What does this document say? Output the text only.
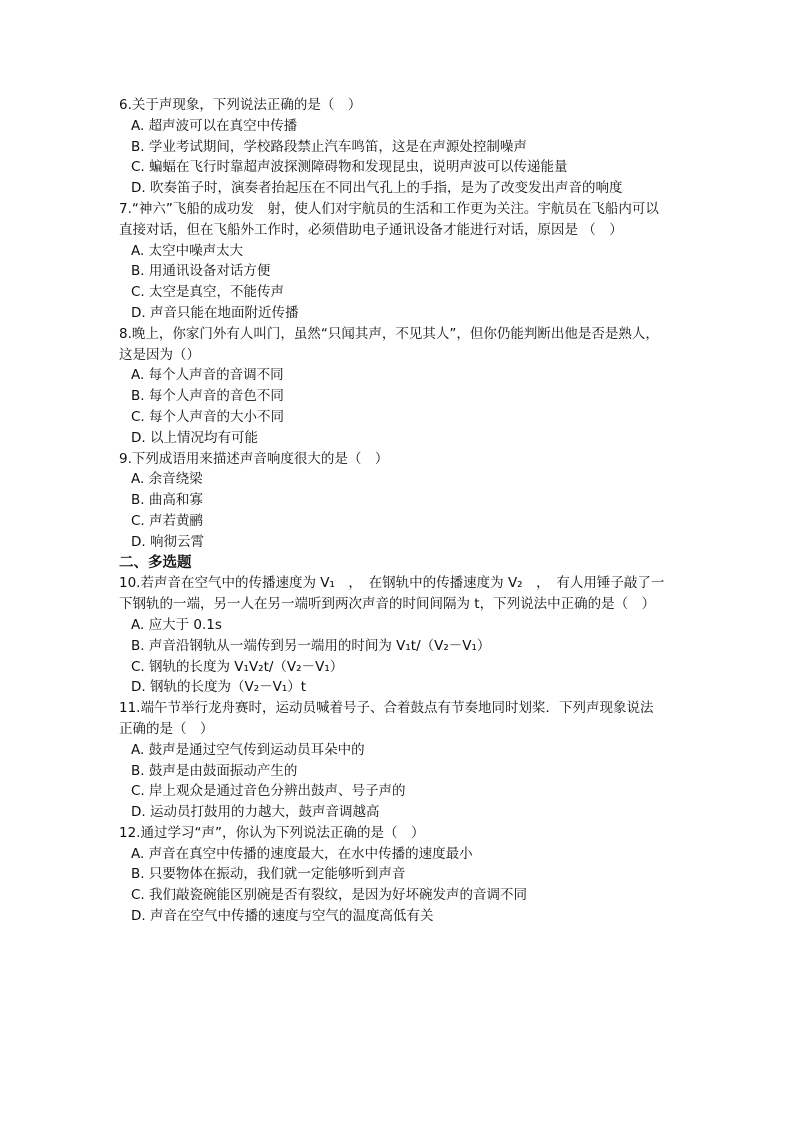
6.关于声现象，下列说法正确的是（　）
A. 超声波可以在真空中传播
B. 学业考试期间，学校路段禁止汽车鸣笛，这是在声源处控制噪声
C. 蝙蝠在飞行时靠超声波探测障碍物和发现昆虫，说明声波可以传递能量
D. 吹奏笛子时，演奏者抬起压在不同出气孔上的手指，是为了改变发出声音的响度
7.“神六”飞船的成功发　射，使人们对宇航员的生活和工作更为关注。宇航员在飞船内可以
直接对话，但在飞船外工作时，必须借助电子通讯设备才能进行对话，原因是 （　）
A. 太空中噪声太大
B. 用通讯设备对话方便
C. 太空是真空，不能传声
D. 声音只能在地面附近传播
8.晚上，你家门外有人叫门，虽然“只闻其声，不见其人”，但你仍能判断出他是否是熟人，
这是因为（）
A. 每个人声音的音调不同
B. 每个人声音的音色不同
C. 每个人声音的大小不同
D. 以上情况均有可能
9.下列成语用来描述声音响度很大的是（　）
A. 余音绕梁
B. 曲高和寡
C. 声若黄鹂
D. 响彻云霄
二、多选题
10.若声音在空气中的传播速度为 V₁　，　在钢轨中的传播速度为 V₂　，　有人用锤子敲了一
下钢轨的一端，另一人在另一端听到两次声音的时间间隔为 t，下列说法中正确的是（　）
A. 应大于 0.1s
B. 声音沿钢轨从一端传到另一端用的时间为 V₁t/（V₂－V₁）
C. 钢轨的长度为 V₁V₂t/（V₂－V₁）
D. 钢轨的长度为（V₂－V₁）t
11.端午节举行龙舟赛时，运动员喊着号子、合着鼓点有节奏地同时划桨．下列声现象说法
正确的是（　）
A. 鼓声是通过空气传到运动员耳朵中的
B. 鼓声是由鼓面振动产生的
C. 岸上观众是通过音色分辨出鼓声、号子声的
D. 运动员打鼓用的力越大，鼓声音调越高
12.通过学习“声”，你认为下列说法正确的是（　）
A. 声音在真空中传播的速度最大，在水中传播的速度最小
B. 只要物体在振动，我们就一定能够听到声音
C. 我们敲瓷碗能区别碗是否有裂纹，是因为好坏碗发声的音调不同
D. 声音在空气中传播的速度与空气的温度高低有关
